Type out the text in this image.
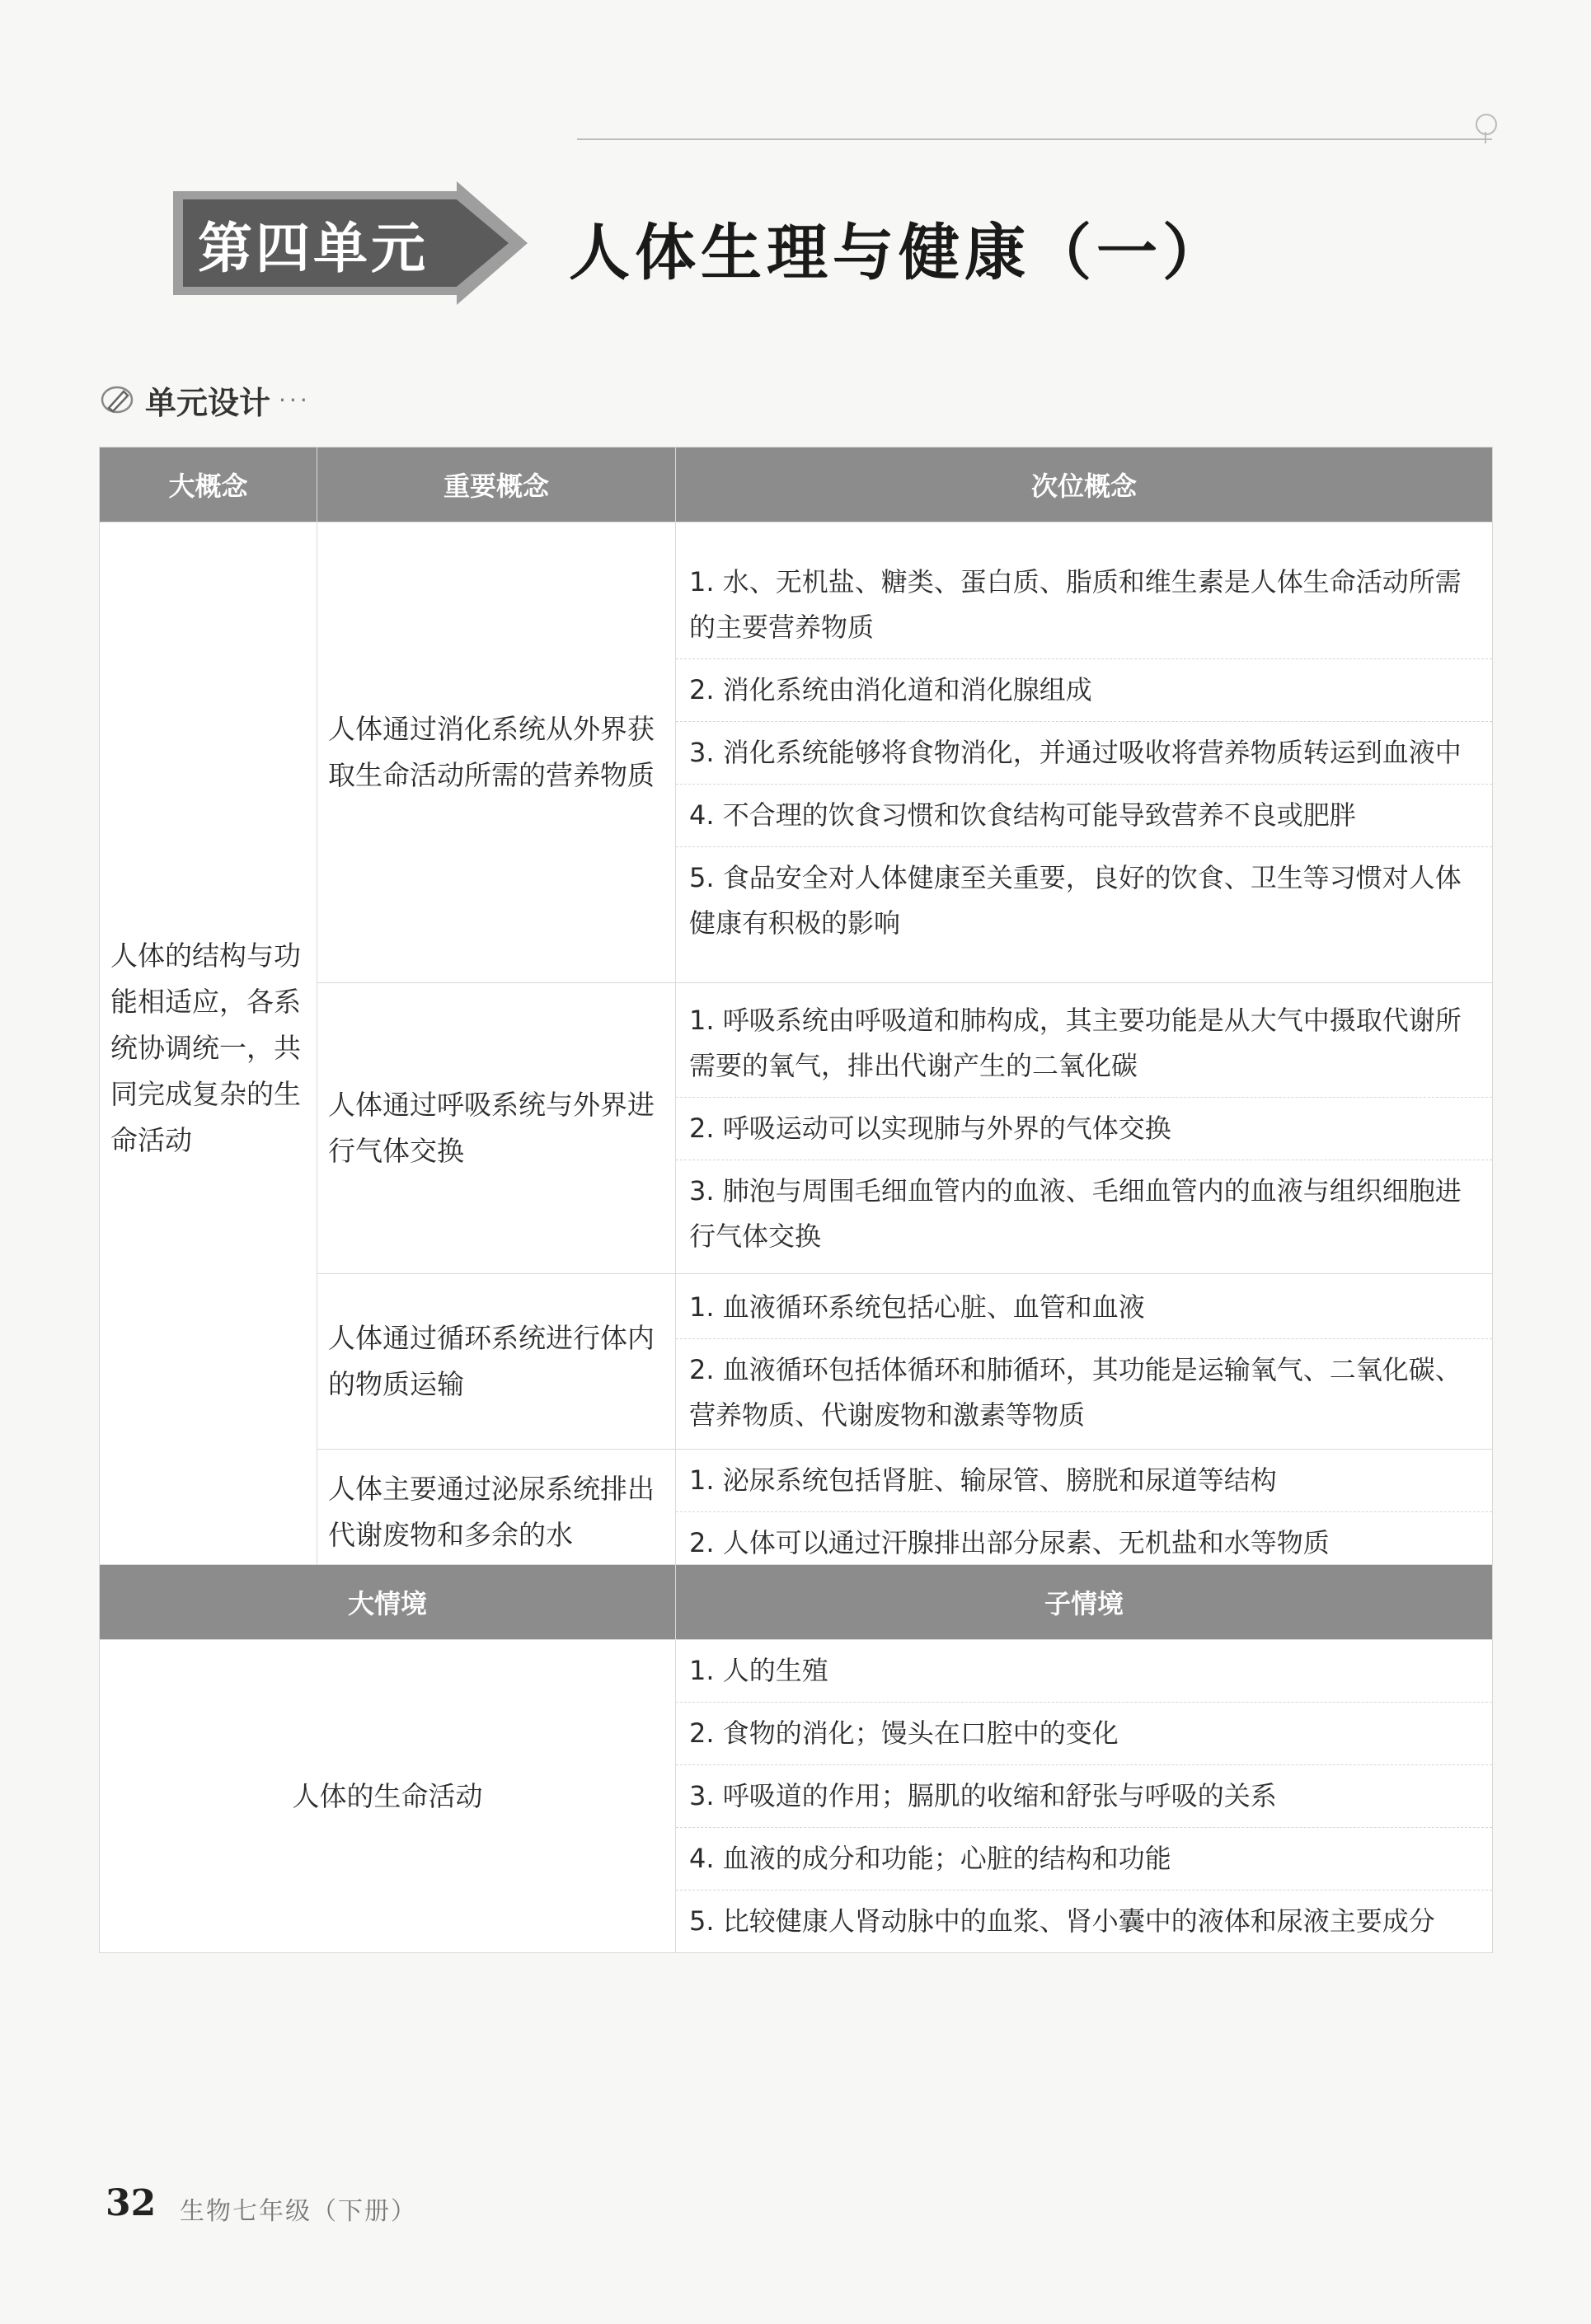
第四单元 人体生理与健康（一）
单元设计 ···
大概念	重要概念	次位概念

人体的结构与功能相适应，各系统协调统一，共同完成复杂的生命活动	人体通过消化系统从外界获取生命活动所需的营养物质	1. 水、无机盐、糖类、蛋白质、脂质和维生素是人体生命活动所需的主要营养物质
2. 消化系统由消化道和消化腺组成
3. 消化系统能够将食物消化，并通过吸收将营养物质转运到血液中
4. 不合理的饮食习惯和饮食结构可能导致营养不良或肥胖
5. 食品安全对人体健康至关重要，良好的饮食、卫生等习惯对人体健康有积极的影响

	人体通过呼吸系统与外界进行气体交换	1. 呼吸系统由呼吸道和肺构成，其主要功能是从大气中摄取代谢所需要的氧气，排出代谢产生的二氧化碳
2. 呼吸运动可以实现肺与外界的气体交换
3. 肺泡与周围毛细血管内的血液、毛细血管内的血液与组织细胞进行气体交换

	人体通过循环系统进行体内的物质运输	1. 血液循环系统包括心脏、血管和血液
2. 血液循环包括体循环和肺循环，其功能是运输氧气、二氧化碳、营养物质、代谢废物和激素等物质

	人体主要通过泌尿系统排出代谢废物和多余的水	1. 泌尿系统包括肾脏、输尿管、膀胱和尿道等结构
2. 人体可以通过汗腺排出部分尿素、无机盐和水等物质
大情境	子情境

人体的生命活动	1. 人的生殖
2. 食物的消化；馒头在口腔中的变化
3. 呼吸道的作用；膈肌的收缩和舒张与呼吸的关系
4. 血液的成分和功能；心脏的结构和功能
5. 比较健康人肾动脉中的血浆、肾小囊中的液体和尿液主要成分
32 生物七年级（下册）
